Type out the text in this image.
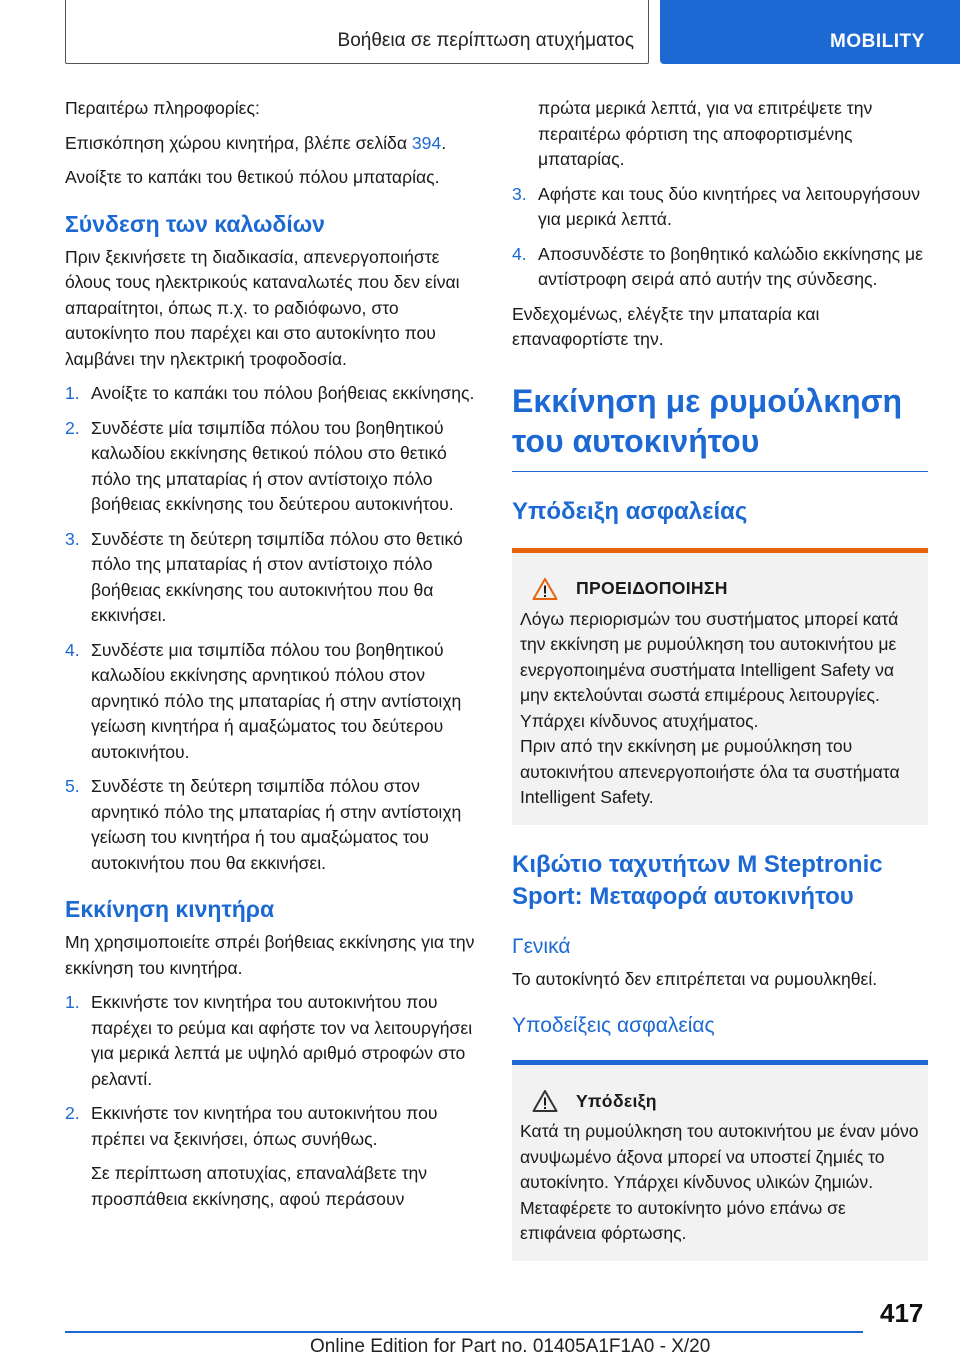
Βοήθεια σε περίπτωση ατυχήματος	MOBILITY

Περαιτέρω πληροφορίες:

Επισκόπηση χώρου κινητήρα, βλέπε σελίδα 394.

Ανοίξτε το καπάκι του θετικού πόλου μπαταρίας.

Σύνδεση των καλωδίων

Πριν ξεκινήσετε τη διαδικασία, απενεργοποιήστε όλους τους ηλεκτρικούς καταναλωτές που δεν είναι απαραίτητοι, όπως π.χ. το ραδιόφωνο, στο αυτοκίνητο που παρέχει και στο αυτοκίνητο που λαμβάνει την ηλεκτρική τροφοδοσία.

1. Ανοίξτε το καπάκι του πόλου βοήθειας εκκίνησης.
2. Συνδέστε μία τσιμπίδα πόλου του βοηθητικού καλωδίου εκκίνησης θετικού πόλου στο θετικό πόλο της μπαταρίας ή στον αντίστοιχο πόλο βοήθειας εκκίνησης του δεύτερου αυτοκινήτου.
3. Συνδέστε τη δεύτερη τσιμπίδα πόλου στο θετικό πόλο της μπαταρίας ή στον αντίστοιχο πόλο βοήθειας εκκίνησης του αυτοκινήτου που θα εκκινήσει.
4. Συνδέστε μια τσιμπίδα πόλου του βοηθητικού καλωδίου εκκίνησης αρνητικού πόλου στον αρνητικό πόλο της μπαταρίας ή στην αντίστοιχη γείωση κινητήρα ή αμαξώματος του δεύτερου αυτοκινήτου.
5. Συνδέστε τη δεύτερη τσιμπίδα πόλου στον αρνητικό πόλο της μπαταρίας ή στην αντίστοιχη γείωση του κινητήρα ή του αμαξώματος του αυτοκινήτου που θα εκκινήσει.
Εκκίνηση κινητήρα

Μη χρησιμοποιείτε σπρέι βοήθειας εκκίνησης για την εκκίνηση του κινητήρα.

1. Εκκινήστε τον κινητήρα του αυτοκινήτου που παρέχει το ρεύμα και αφήστε τον να λειτουργήσει για μερικά λεπτά με υψηλό αριθμό στροφών στο ρελαντί.
2. Εκκινήστε τον κινητήρα του αυτοκινήτου που πρέπει να ξεκινήσει, όπως συνήθως.

Σε περίπτωση αποτυχίας, επαναλάβετε την προσπάθεια εκκίνησης, αφού περάσουν

πρώτα μερικά λεπτά, για να επιτρέψετε την περαιτέρω φόρτιση της αποφορτισμένης μπαταρίας.

3. Αφήστε και τους δύο κινητήρες να λειτουργήσουν για μερικά λεπτά.
4. Αποσυνδέστε το βοηθητικό καλώδιο εκκίνησης με αντίστροφη σειρά από αυτήν της σύνδεσης.

Ενδεχομένως, ελέγξτε την μπαταρία και επαναφορτίστε την.

Εκκίνηση με ρυμούλκηση του αυτοκινήτου
Υπόδειξη ασφαλείας
ΠΡΟΕΙΔΟΠΟΙΗΣΗ

Λόγω περιορισμών του συστήματος μπορεί κατά την εκκίνηση με ρυμούλκηση του αυτοκινήτου με ενεργοποιημένα συστήματα Intelligent Safety να μην εκτελούνται σωστά επιμέρους λειτουργίες. Υπάρχει κίνδυνος ατυχήματος.

Πριν από την εκκίνηση με ρυμούλκηση του αυτοκινήτου απενεργοποιήστε όλα τα συστήματα Intelligent Safety.

Κιβώτιο ταχυτήτων M Steptronic Sport: Μεταφορά αυτοκινήτου
Γενικά

Το αυτοκίνητό δεν επιτρέπεται να ρυμουλκηθεί.

Υποδείξεις ασφαλείας
Υπόδειξη

Κατά τη ρυμούλκηση του αυτοκινήτου με έναν μόνο ανυψωμένο άξονα μπορεί να υποστεί ζημιές το αυτοκίνητο. Υπάρχει κίνδυνος υλικών ζημιών. Μεταφέρετε το αυτοκίνητο μόνο επάνω σε επιφάνεια φόρτωσης.

417
Online Edition for Part no. 01405A1F1A0 - X/20
